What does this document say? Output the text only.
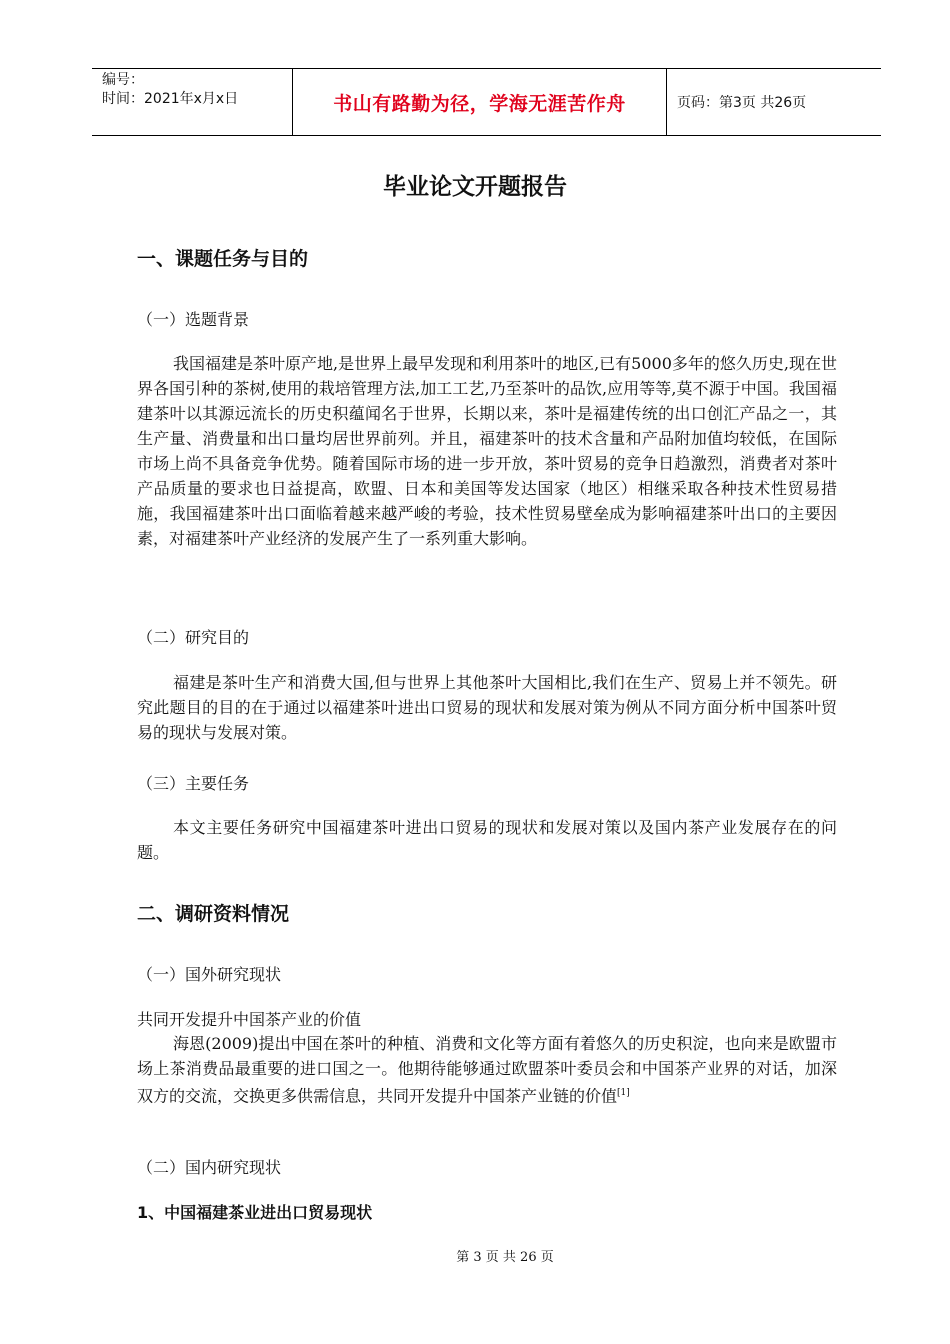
编号：
时间：2021年x月x日	书山有路勤为径，学海无涯苦作舟	页码：第3页 共26页
毕业论文开题报告
一、课题任务与目的
（一）选题背景
我国福建是茶叶原产地,是世界上最早发现和利用茶叶的地区,已有5000多年的悠久历史,现在世界各国引种的茶树,使用的栽培管理方法,加工工艺,乃至茶叶的品饮,应用等等,莫不源于中国。我国福建茶叶以其源远流长的历史积蕴闻名于世界，长期以来，茶叶是福建传统的出口创汇产品之一，其生产量、消费量和出口量均居世界前列。并且，福建茶叶的技术含量和产品附加值均较低，在国际市场上尚不具备竞争优势。随着国际市场的进一步开放，茶叶贸易的竞争日趋激烈，消费者对茶叶产品质量的要求也日益提高，欧盟、日本和美国等发达国家（地区）相继采取各种技术性贸易措施，我国福建茶叶出口面临着越来越严峻的考验，技术性贸易壁垒成为影响福建茶叶出口的主要因素，对福建茶叶产业经济的发展产生了一系列重大影响。
（二）研究目的
福建是茶叶生产和消费大国,但与世界上其他茶叶大国相比,我们在生产、贸易上并不领先。研究此题目的目的在于通过以福建茶叶进出口贸易的现状和发展对策为例从不同方面分析中国茶叶贸易的现状与发展对策。
（三）主要任务
本文主要任务研究中国福建茶叶进出口贸易的现状和发展对策以及国内茶产业发展存在的问题。
二、调研资料情况
（一）国外研究现状
共同开发提升中国茶产业的价值
海恩(2009)提出中国在茶叶的种植、消费和文化等方面有着悠久的历史积淀，也向来是欧盟市场上茶消费品最重要的进口国之一。他期待能够通过欧盟茶叶委员会和中国茶产业界的对话，加深双方的交流，交换更多供需信息，共同开发提升中国茶产业链的价值[1]
（二）国内研究现状
1、中国福建茶业进出口贸易现状
第 3 页 共 26 页
